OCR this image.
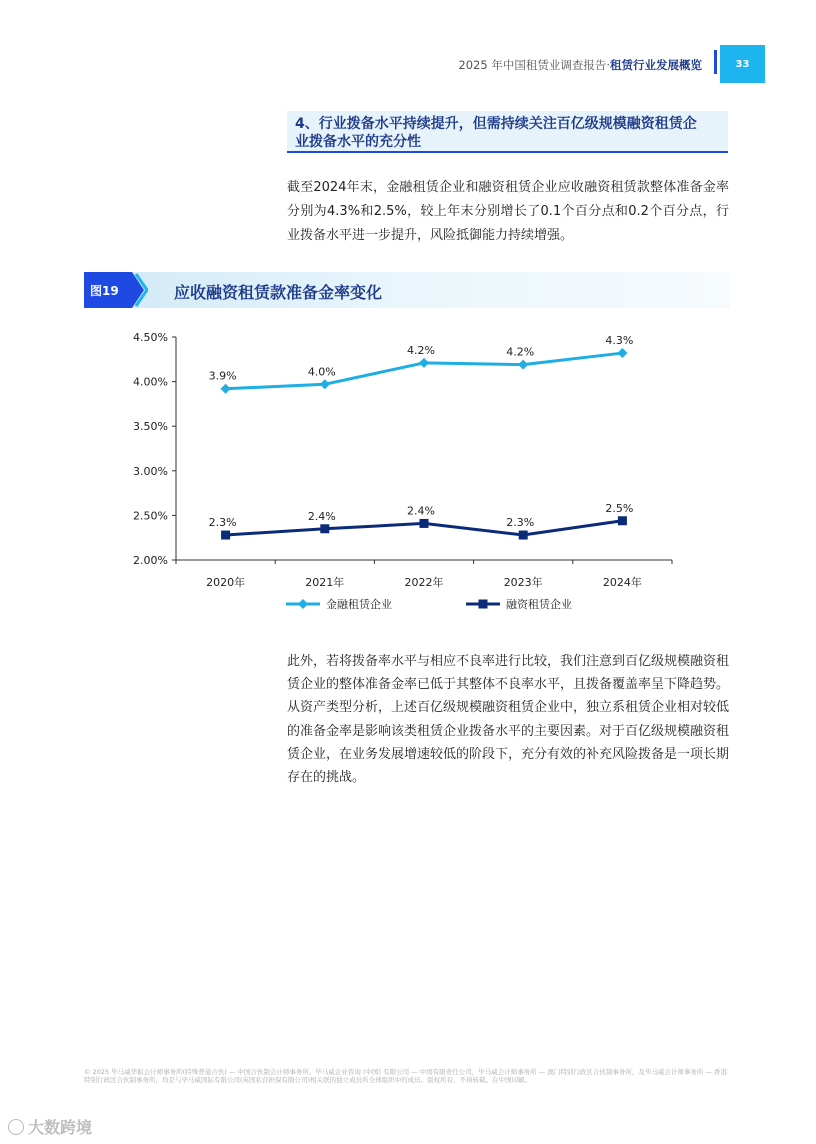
2025 年中国租赁业调查报告·租赁行业发展概览	33
4、行业拨备水平持续提升，但需持续关注百亿级规模融资租赁企
业拨备水平的充分性

截至2024年末，金融租赁企业和融资租赁企业应收融资租赁款整体准备金率分别为4.3%和2.5%，较上年末分别增长了0.1个百分点和0.2个百分点，行业拨备水平进一步提升，风险抵御能力持续增强。

图19	应收融资租赁款准备金率变化
4.50%
4.00%
3.50%
3.00%
2.50%
2.00%
2020年	2021年	2022年	2023年	2024年
3.9%	4.0%
4.2%	4.2%
4.3%
2.3%	2.4%	2.4%
2.3%
2.5%
金融租赁企业	融资租赁企业

此外，若将拨备率水平与相应不良率进行比较，我们注意到百亿级规模融资租赁企业的整体准备金率已低于其整体不良率水平，且拨备覆盖率呈下降趋势。从资产类型分析，上述百亿级规模融资租赁企业中，独立系租赁企业相对较低的准备金率是影响该类租赁企业拨备水平的主要因素。对于百亿级规模融资租赁企业，在业务发展增速较低的阶段下，充分有效的补充风险拨备是一项长期存在的挑战。

© 2025 毕马威华振会计师事务所(特殊普通合伙) — 中国合伙制会计师事务所，毕马威企业咨询 (中国) 有限公司 — 中国有限责任公司，毕马威会计师事务所 — 澳门特别行政区合伙制事务所，及毕马威会计师事务所 — 香港特别行政区合伙制事务所，均是与毕马威国际有限公司(英国私营担保有限公司)相关联的独立成员所全球组织中的成员。版权所有，不得转载。在中国印刷。
大数跨境
